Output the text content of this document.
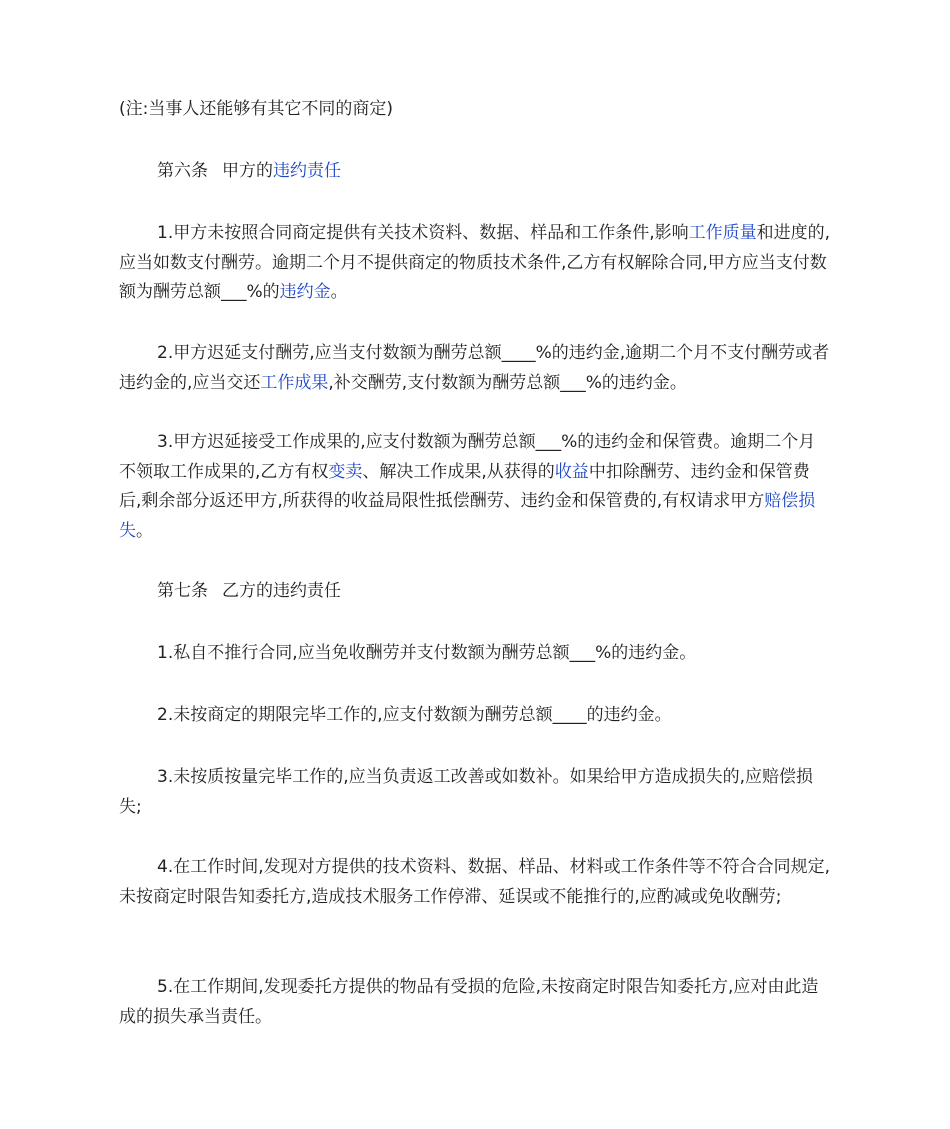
(注:当事人还能够有其它不同的商定)

第六条 甲方的违约责任

1.甲方未按照合同商定提供有关技术资料、数据、样品和工作条件,影响工作质量和进度的,应当如数支付酬劳。逾期二个月不提供商定的物质技术条件,乙方有权解除合同,甲方应当支付数额为酬劳总额___%的违约金。

2.甲方迟延支付酬劳,应当支付数额为酬劳总额____%的违约金,逾期二个月不支付酬劳或者违约金的,应当交还工作成果,补交酬劳,支付数额为酬劳总额___%的违约金。

3.甲方迟延接受工作成果的,应支付数额为酬劳总额___%的违约金和保管费。逾期二个月不领取工作成果的,乙方有权变卖、解决工作成果,从获得的收益中扣除酬劳、违约金和保管费后,剩余部分返还甲方,所获得的收益局限性抵偿酬劳、违约金和保管费的,有权请求甲方赔偿损失。

第七条 乙方的违约责任

1.私自不推行合同,应当免收酬劳并支付数额为酬劳总额___%的违约金。

2.未按商定的期限完毕工作的,应支付数额为酬劳总额____的违约金。

3.未按质按量完毕工作的,应当负责返工改善或如数补。如果给甲方造成损失的,应赔偿损失;

4.在工作时间,发现对方提供的技术资料、数据、样品、材料或工作条件等不符合合同规定,未按商定时限告知委托方,造成技术服务工作停滞、延误或不能推行的,应酌减或免收酬劳;

5.在工作期间,发现委托方提供的物品有受损的危险,未按商定时限告知委托方,应对由此造成的损失承当责任。
